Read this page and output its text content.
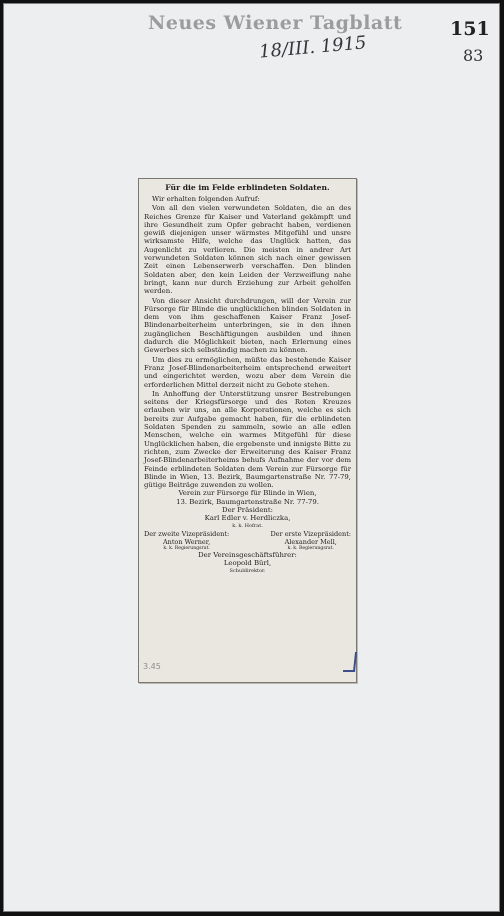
Neues Wiener Tagblatt
18/III. 1915
151
83
Für die im Felde erblindeten Soldaten.

Wir erhalten folgenden Aufruf:

Von all den vielen verwundeten Soldaten, die an des Reiches Grenze für Kaiser und Vaterland gekämpft und ihre Gesundheit zum Opfer gebracht haben, verdienen gewiß diejenigen unser wärmstes Mitgefühl und unsre wirksamste Hilfe, welche das Unglück hatten, das Augenlicht zu verlieren. Die meisten in andrer Art verwundeten Soldaten können sich nach einer gewissen Zeit einen Lebenserwerb verschaffen. Den blinden Soldaten aber, den kein Leiden der Verzweiflung nahe bringt, kann nur durch Erziehung zur Arbeit geholfen werden.

Von dieser Ansicht durchdrungen, will der Verein zur Fürsorge für Blinde die unglücklichen blinden Soldaten in dem von ihm geschaffenen Kaiser Franz Josef-Blindenarbeiterheim unterbringen, sie in den ihnen zugänglichen Beschäftigungen ausbilden und ihnen dadurch die Möglichkeit bieten, nach Erlernung eines Gewerbes sich selbständig machen zu können.

Um dies zu ermöglichen, müßte das bestehende Kaiser Franz Josef-Blindenarbeiterheim entsprechend erweitert und eingerichtet werden, wozu aber dem Verein die erforderlichen Mittel derzeit nicht zu Gebote stehen.

In Anhoffung der Unterstützung unsrer Bestrebungen seitens der Kriegsfürsorge und des Roten Kreuzes erlauben wir uns, an alle Korporationen, welche es sich bereits zur Aufgabe gemacht haben, für die erblindeten Soldaten Spenden zu sammeln, sowie an alle edlen Menschen, welche ein warmes Mitgefühl für diese Unglücklichen haben, die ergebenste und innigste Bitte zu richten, zum Zwecke der Erweiterung des Kaiser Franz Josef-Blindenarbeiterheims behufs Aufnahme der vor dem Feinde erblindeten Soldaten dem Verein zur Fürsorge für Blinde in Wien, 13. Bezirk, Baumgartenstraße Nr. 77-79, gütige Beiträge zuwenden zu wollen.

Verein zur Fürsorge für Blinde in Wien,

13. Bezirk, Baumgartenstraße Nr. 77-79.

Der Präsident:

Karl Edler v. Herdliczka,

k. k. Hofrat.

Der zweite Vizepräsident:
Anton Werner,
k. k. Regierungsrat.
Der erste Vizepräsident:
Alexander Mell,
k. k. Regierungsrat.

Der Vereinsgeschäftsführer:

Leopold Bürl,

Schuldirektor.

3.45
